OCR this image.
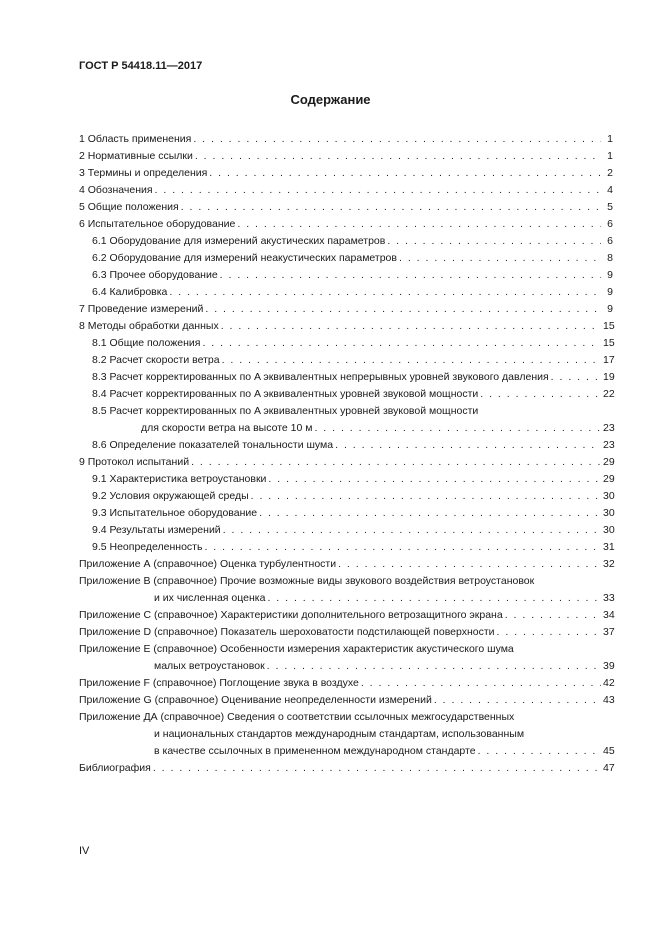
ГОСТ Р 54418.11—2017
Содержание
1 Область применения . . .	1
2 Нормативные ссылки . . .	1
3 Термины и определения . . .	2
4 Обозначения . . .	4
5 Общие положения . . .	5
6 Испытательное оборудование . . .	6
6.1 Оборудование для измерений акустических параметров . . .	6
6.2 Оборудование для измерений неакустических параметров . . .	8
6.3 Прочее оборудование . . .	9
6.4 Калибровка . . .	9
7 Проведение измерений . . .	9
8 Методы обработки данных . . .	15
8.1 Общие положения . . .	15
8.2 Расчет скорости ветра . . .	17
8.3 Расчет корректированных по A эквивалентных непрерывных уровней звукового давления . . .	19
8.4 Расчет корректированных по A эквивалентных уровней звуковой мощности . . .	22
8.5 Расчет корректированных по A эквивалентных уровней звуковой мощности
для скорости ветра на высоте 10 м . . .	23
8.6 Определение показателей тональности шума . . .	23
9 Протокол испытаний . . .	29
9.1 Характеристика ветроустановки . . .	29
9.2 Условия окружающей среды . . .	30
9.3 Испытательное оборудование . . .	30
9.4 Результаты измерений . . .	30
9.5 Неопределенность . . .	31
Приложение А (справочное) Оценка турбулентности . . .	32
Приложение В (справочное) Прочие возможные виды звукового воздействия ветроустановок
и их численная оценка . . .	33
Приложение С (справочное) Характеристики дополнительного ветрозащитного экрана . . .	34
Приложение D (справочное) Показатель шероховатости подстилающей поверхности . . .	37
Приложение E (справочное) Особенности измерения характеристик акустического шума
малых ветроустановок . . .	39
Приложение F (справочное) Поглощение звука в воздухе . . .	42
Приложение G (справочное) Оценивание неопределенности измерений . . .	43
Приложение ДА (справочное) Сведения о соответствии ссылочных межгосударственных
и национальных стандартов международным стандартам, использованным
в качестве ссылочных в примененном международном стандарте . . .	45
Библиография . . .	47
IV
